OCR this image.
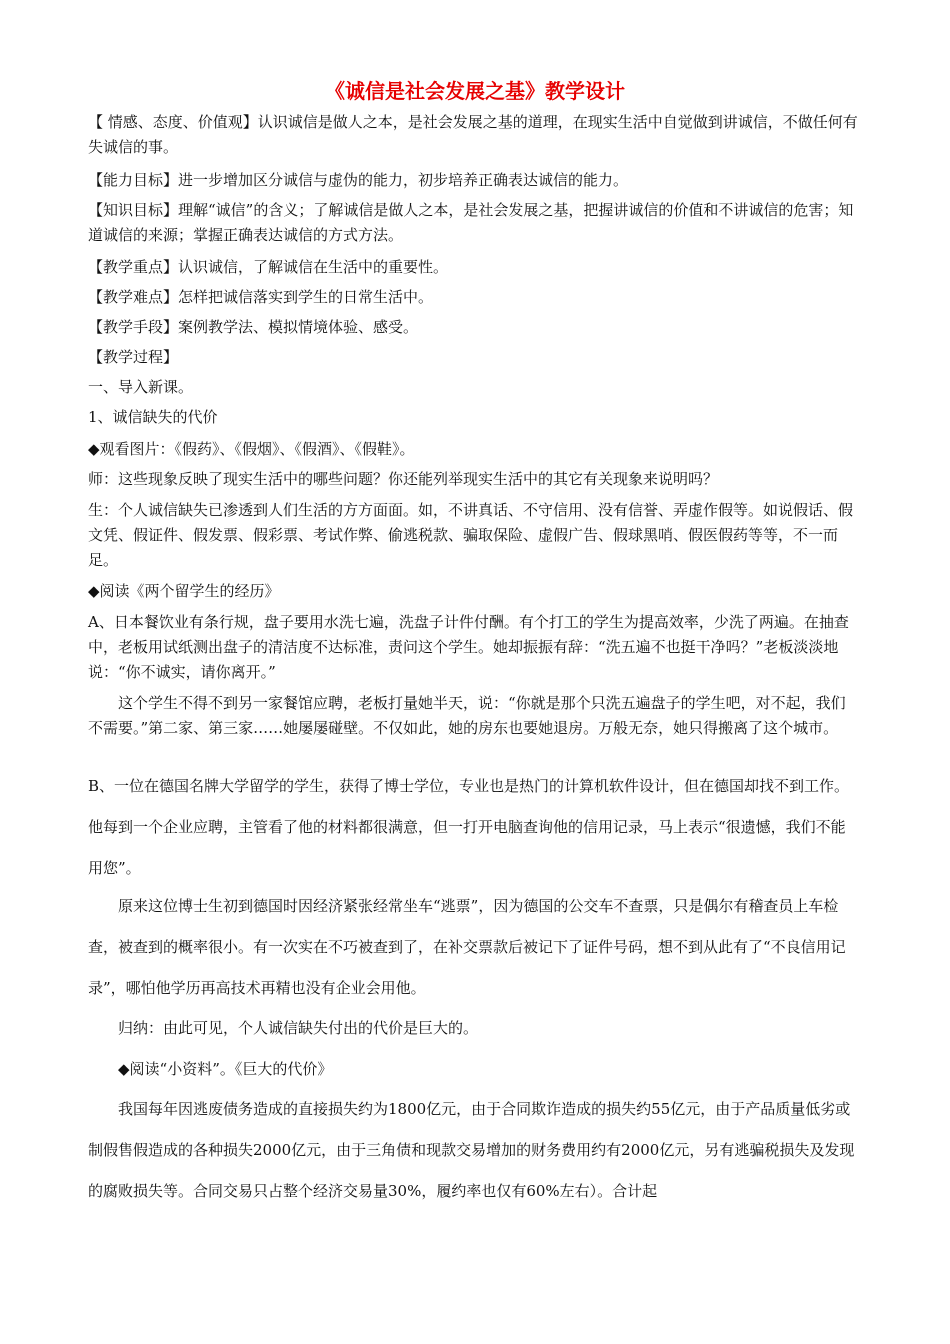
《诚信是社会发展之基》教学设计

【 情感、态度、价值观】认识诚信是做人之本，是社会发展之基的道理，在现实生活中自觉做到讲诚信，不做任何有失诚信的事。

【能力目标】进一步增加区分诚信与虚伪的能力，初步培养正确表达诚信的能力。

【知识目标】理解“诚信”的含义；了解诚信是做人之本，是社会发展之基，把握讲诚信的价值和不讲诚信的危害；知道诚信的来源；掌握正确表达诚信的方式方法。

【教学重点】认识诚信，了解诚信在生活中的重要性。

【教学难点】怎样把诚信落实到学生的日常生活中。

【教学手段】案例教学法、模拟情境体验、感受。

【教学过程】

一、导入新课。

1、诚信缺失的代价

◆观看图片：《假药》、《假烟》、《假酒》、《假鞋》。

师：这些现象反映了现实生活中的哪些问题？你还能列举现实生活中的其它有关现象来说明吗？

生：个人诚信缺失已渗透到人们生活的方方面面。如，不讲真话、不守信用、没有信誉、弄虚作假等。如说假话、假文凭、假证件、假发票、假彩票、考试作弊、偷逃税款、骗取保险、虚假广告、假球黑哨、假医假药等等，不一而足。

◆阅读《两个留学生的经历》

A、日本餐饮业有条行规，盘子要用水洗七遍，洗盘子计件付酬。有个打工的学生为提高效率，少洗了两遍。在抽查中，老板用试纸测出盘子的清洁度不达标准，责问这个学生。她却振振有辞：“洗五遍不也挺干净吗？”老板淡淡地说：“你不诚实，请你离开。”

这个学生不得不到另一家餐馆应聘，老板打量她半天，说：“你就是那个只洗五遍盘子的学生吧，对不起，我们不需要。”第二家、第三家……她屡屡碰壁。不仅如此，她的房东也要她退房。万般无奈，她只得搬离了这个城市。

B、一位在德国名牌大学留学的学生，获得了博士学位，专业也是热门的计算机软件设计，但在德国却找不到工作。他每到一个企业应聘，主管看了他的材料都很满意，但一打开电脑查询他的信用记录，马上表示“很遗憾，我们不能用您”。

原来这位博士生初到德国时因经济紧张经常坐车“逃票”，因为德国的公交车不查票，只是偶尔有稽查员上车检查，被查到的概率很小。有一次实在不巧被查到了，在补交票款后被记下了证件号码，想不到从此有了“不良信用记录”，哪怕他学历再高技术再精也没有企业会用他。

归纳：由此可见，个人诚信缺失付出的代价是巨大的。

◆阅读“小资料”。《巨大的代价》

我国每年因逃废债务造成的直接损失约为1800亿元，由于合同欺诈造成的损失约55亿元，由于产品质量低劣或制假售假造成的各种损失2000亿元，由于三角债和现款交易增加的财务费用约有2000亿元，另有逃骗税损失及发现的腐败损失等。合同交易只占整个经济交易量30%，履约率也仅有60%左右）。合计起
